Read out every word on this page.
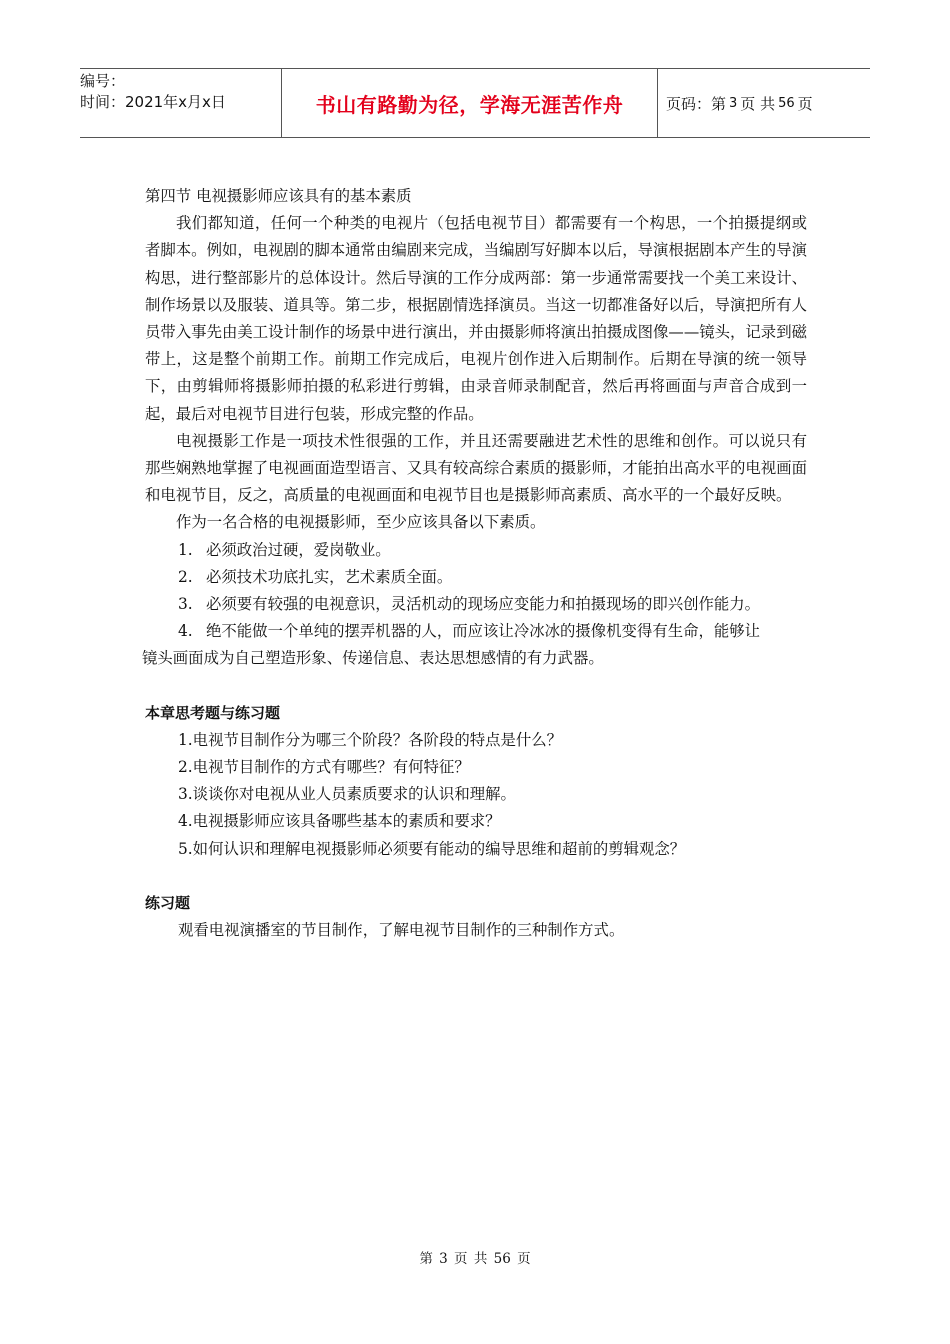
编号：
时间：2021年x月x日	书山有路勤为径，学海无涯苦作舟	页码：第 3 页 共 56 页

第四节 电视摄影师应该具有的基本素质

我们都知道，任何一个种类的电视片（包括电视节目）都需要有一个构思，一个拍摄提纲或者脚本。例如，电视剧的脚本通常由编剧来完成，当编剧写好脚本以后，导演根据剧本产生的导演构思，进行整部影片的总体设计。然后导演的工作分成两部：第一步通常需要找一个美工来设计、制作场景以及服装、道具等。第二步，根据剧情选择演员。当这一切都准备好以后，导演把所有人员带入事先由美工设计制作的场景中进行演出，并由摄影师将演出拍摄成图像——镜头，记录到磁带上，这是整个前期工作。前期工作完成后，电视片创作进入后期制作。后期在导演的统一领导下，由剪辑师将摄影师拍摄的私彩进行剪辑，由录音师录制配音，然后再将画面与声音合成到一起，最后对电视节目进行包装，形成完整的作品。

电视摄影工作是一项技术性很强的工作，并且还需要融进艺术性的思维和创作。可以说只有那些娴熟地掌握了电视画面造型语言、又具有较高综合素质的摄影师，才能拍出高水平的电视画面和电视节目，反之，高质量的电视画面和电视节目也是摄影师高素质、高水平的一个最好反映。

作为一名合格的电视摄影师，至少应该具备以下素质。

1. 必须政治过硬，爱岗敬业。
2. 必须技术功底扎实，艺术素质全面。
3. 必须要有较强的电视意识，灵活机动的现场应变能力和拍摄现场的即兴创作能力。
4. 绝不能做一个单纯的摆弄机器的人，而应该让冷冰冰的摄像机变得有生命，能够让

镜头画面成为自己塑造形象、传递信息、表达思想感情的有力武器。

本章思考题与练习题

1.电视节目制作分为哪三个阶段？各阶段的特点是什么？

2.电视节目制作的方式有哪些？有何特征？

3.谈谈你对电视从业人员素质要求的认识和理解。

4.电视摄影师应该具备哪些基本的素质和要求？

5.如何认识和理解电视摄影师必须要有能动的编导思维和超前的剪辑观念？

练习题

观看电视演播室的节目制作，了解电视节目制作的三种制作方式。

第 3 页 共 56 页
